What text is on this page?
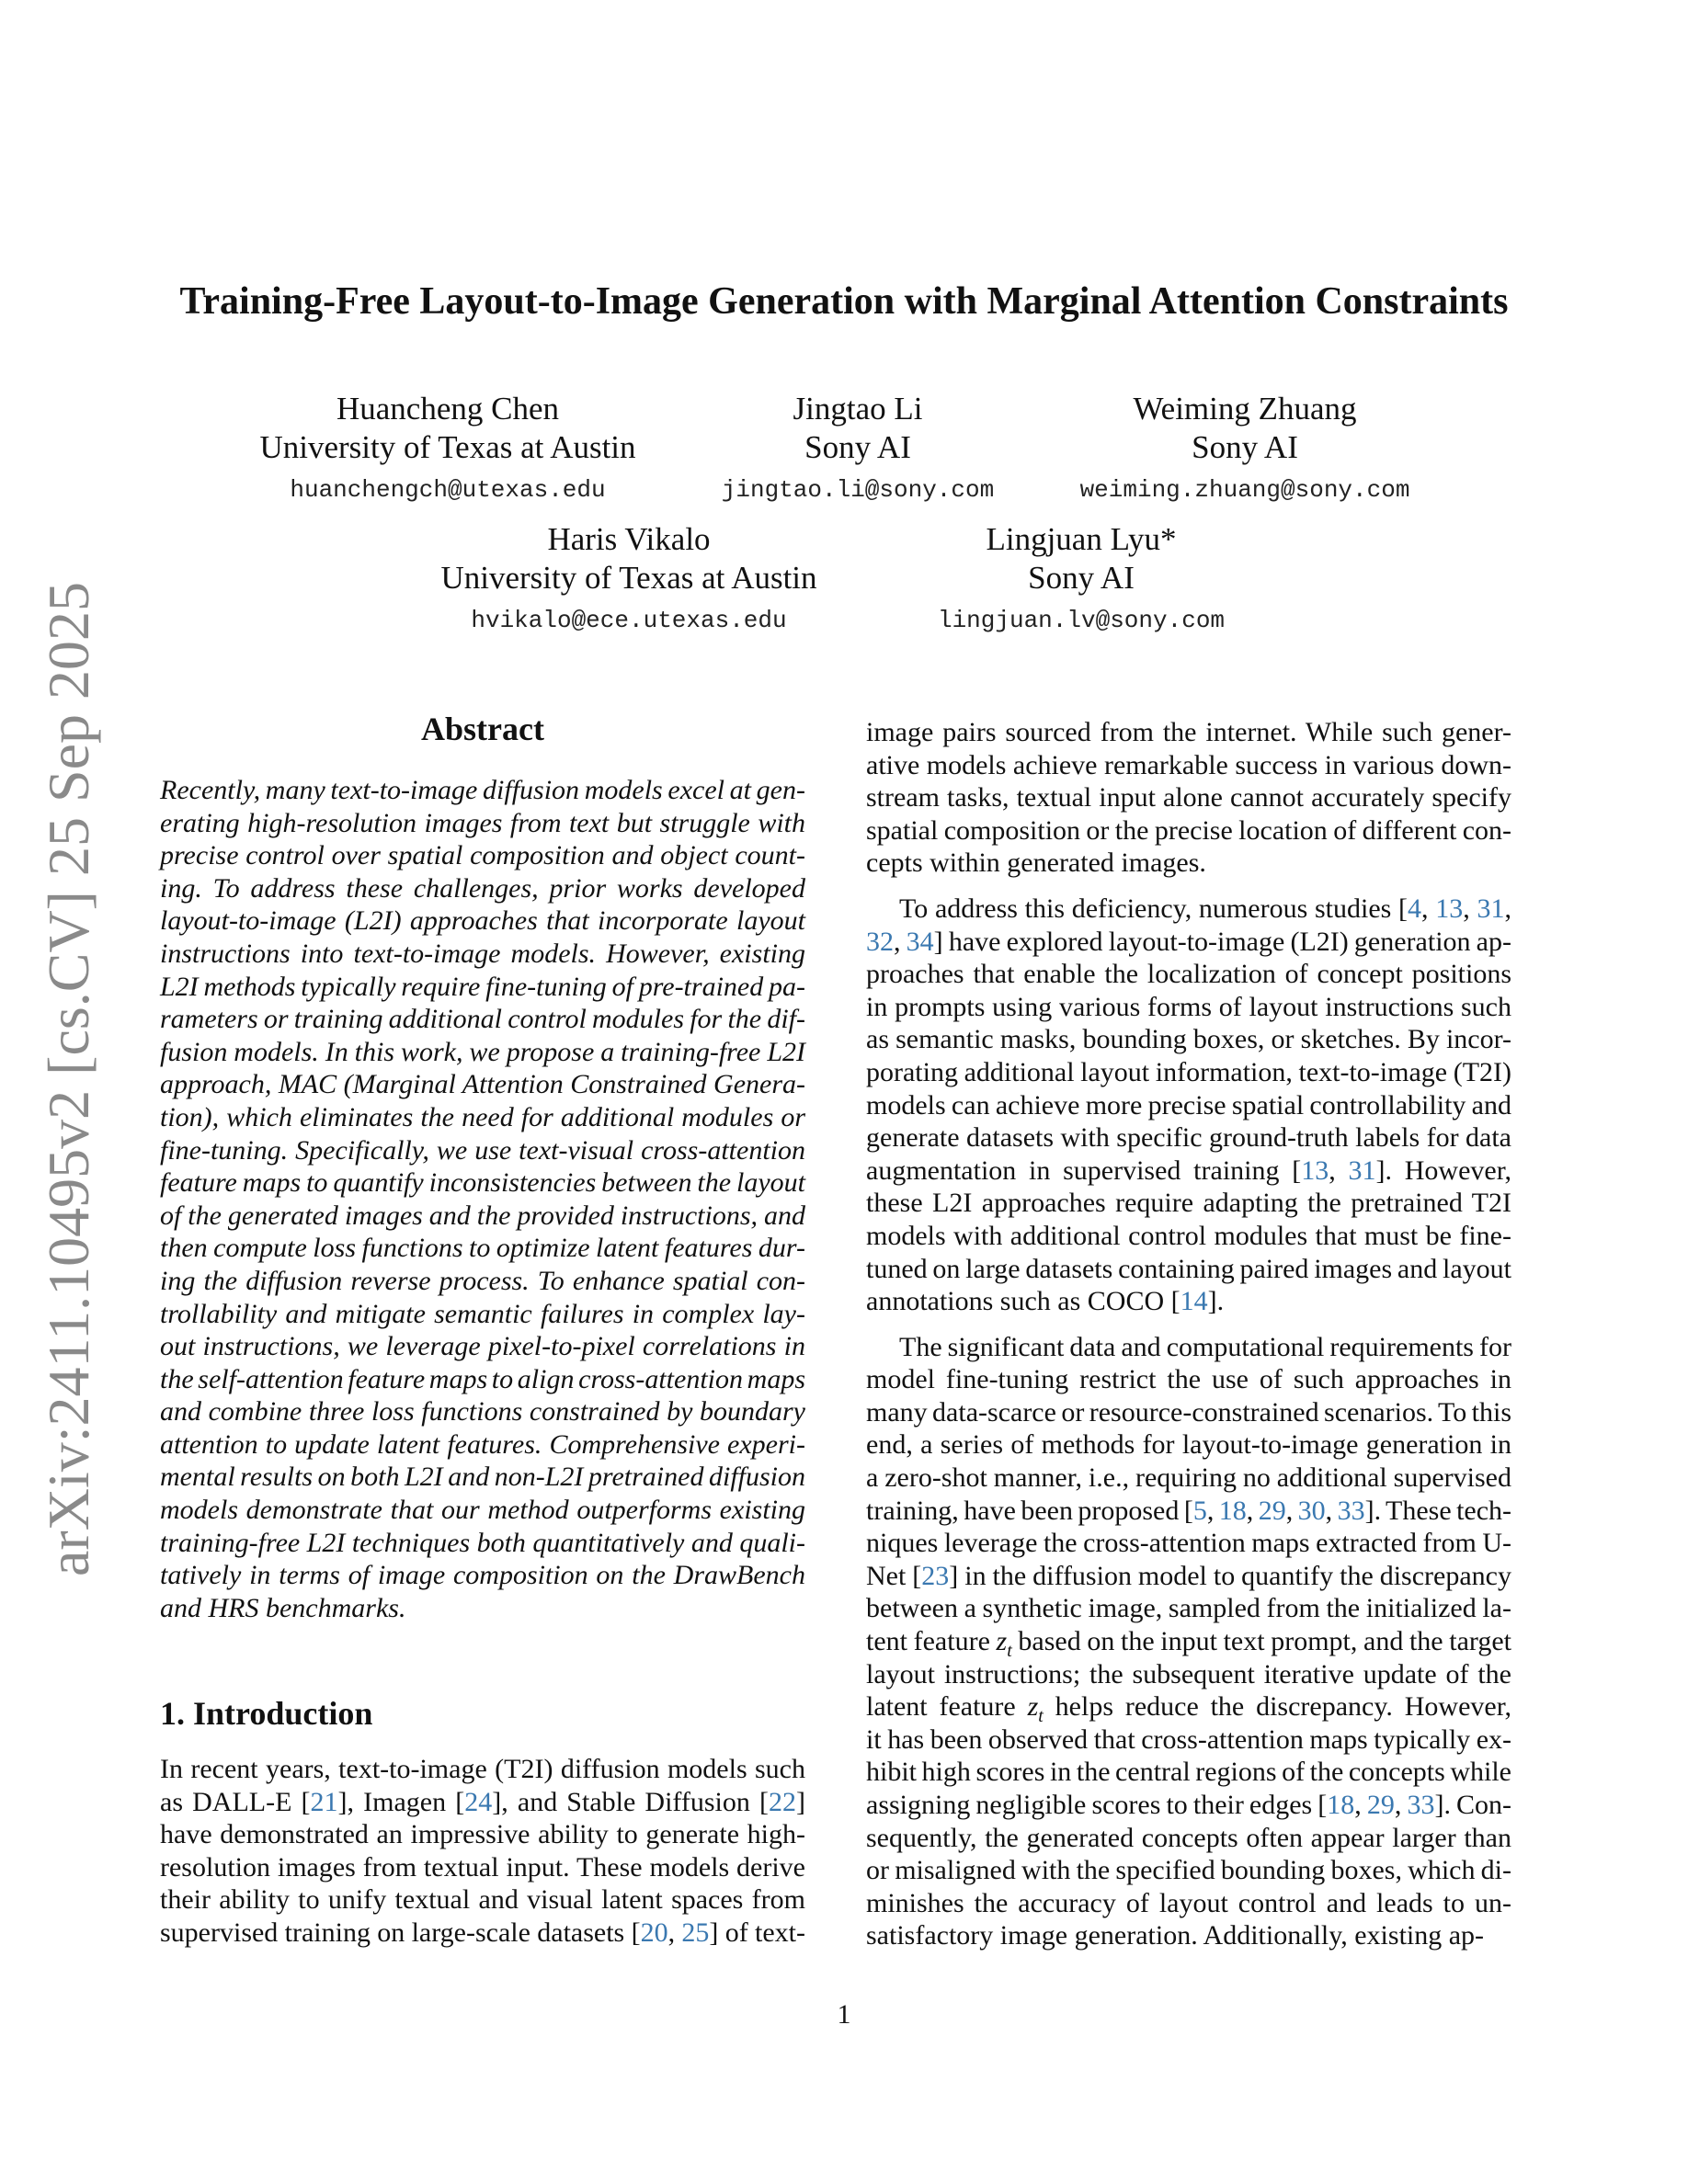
arXiv:2411.10495v2 [cs.CV] 25 Sep 2025
Training-Free Layout-to-Image Generation with Marginal Attention Constraints
Huancheng Chen
University of Texas at Austin
huanchengch@utexas.edu
Jingtao Li
Sony AI
jingtao.li@sony.com
Weiming Zhuang
Sony AI
weiming.zhuang@sony.com
Haris Vikalo
University of Texas at Austin
hvikalo@ece.utexas.edu
Lingjuan Lyu*
Sony AI
lingjuan.lv@sony.com
Abstract
Recently, many text-to-image diffusion models excel at gen-
erating high-resolution images from text but struggle with
precise control over spatial composition and object count-
ing. To address these challenges, prior works developed
layout-to-image (L2I) approaches that incorporate layout
instructions into text-to-image models. However, existing
L2I methods typically require fine-tuning of pre-trained pa-
rameters or training additional control modules for the dif-
fusion models. In this work, we propose a training-free L2I
approach, MAC (Marginal Attention Constrained Genera-
tion), which eliminates the need for additional modules or
fine-tuning. Specifically, we use text-visual cross-attention
feature maps to quantify inconsistencies between the layout
of the generated images and the provided instructions, and
then compute loss functions to optimize latent features dur-
ing the diffusion reverse process. To enhance spatial con-
trollability and mitigate semantic failures in complex lay-
out instructions, we leverage pixel-to-pixel correlations in
the self-attention feature maps to align cross-attention maps
and combine three loss functions constrained by boundary
attention to update latent features. Comprehensive experi-
mental results on both L2I and non-L2I pretrained diffusion
models demonstrate that our method outperforms existing
training-free L2I techniques both quantitatively and quali-
tatively in terms of image composition on the DrawBench
and HRS benchmarks.
1. Introduction
In recent years, text-to-image (T2I) diffusion models such
as DALL-E [21], Imagen [24], and Stable Diffusion [22]
have demonstrated an impressive ability to generate high-
resolution images from textual input. These models derive
their ability to unify textual and visual latent spaces from
supervised training on large-scale datasets [20, 25] of text-
image pairs sourced from the internet. While such gener-
ative models achieve remarkable success in various down-
stream tasks, textual input alone cannot accurately specify
spatial composition or the precise location of different con-
cepts within generated images.
To address this deficiency, numerous studies [4, 13, 31,
32, 34] have explored layout-to-image (L2I) generation ap-
proaches that enable the localization of concept positions
in prompts using various forms of layout instructions such
as semantic masks, bounding boxes, or sketches. By incor-
porating additional layout information, text-to-image (T2I)
models can achieve more precise spatial controllability and
generate datasets with specific ground-truth labels for data
augmentation in supervised training [13, 31]. However,
these L2I approaches require adapting the pretrained T2I
models with additional control modules that must be fine-
tuned on large datasets containing paired images and layout
annotations such as COCO [14].
The significant data and computational requirements for
model fine-tuning restrict the use of such approaches in
many data-scarce or resource-constrained scenarios. To this
end, a series of methods for layout-to-image generation in
a zero-shot manner, i.e., requiring no additional supervised
training, have been proposed [5, 18, 29, 30, 33]. These tech-
niques leverage the cross-attention maps extracted from U-
Net [23] in the diffusion model to quantify the discrepancy
between a synthetic image, sampled from the initialized la-
tent feature $z_t$ based on the input text prompt, and the target
layout instructions; the subsequent iterative update of the
latent feature $z_t$ helps reduce the discrepancy. However,
it has been observed that cross-attention maps typically ex-
hibit high scores in the central regions of the concepts while
assigning negligible scores to their edges [18, 29, 33]. Con-
sequently, the generated concepts often appear larger than
or misaligned with the specified bounding boxes, which di-
minishes the accuracy of layout control and leads to un-
satisfactory image generation. Additionally, existing ap-
1
